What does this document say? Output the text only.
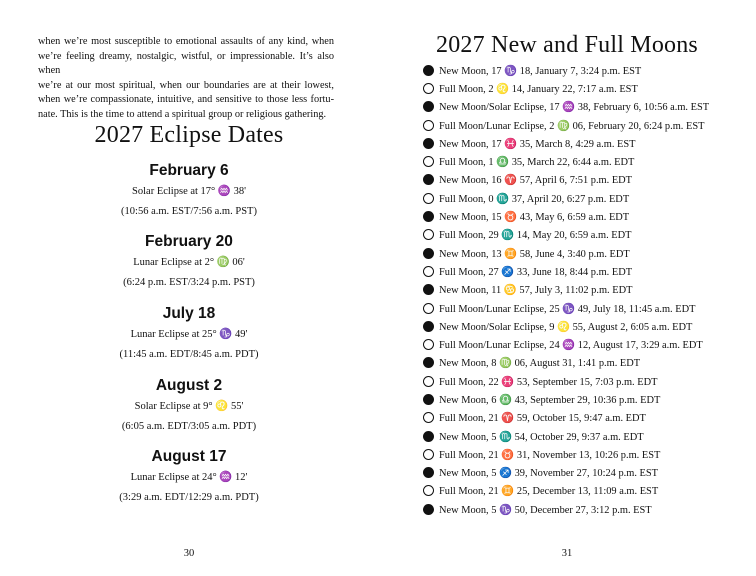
when we’re most susceptible to emotional assaults of any kind, when
we’re feeling dreamy, nostalgic, wistful, or impressionable. It’s also when
we’re at our most spiritual, when our boundaries are at their lowest,
when we’re compassionate, intuitive, and sensitive to those less fortu-
nate. This is the time to attend a spiritual group or religious gathering.
2027 Eclipse Dates
February 6
Solar Eclipse at 17° ♒ 38'
(10:56 a.m. EST/7:56 a.m. PST)
February 20
Lunar Eclipse at 2° ♍ 06'
(6:24 p.m. EST/3:24 p.m. PST)
July 18
Lunar Eclipse at 25° ♑ 49'
(11:45 a.m. EDT/8:45 a.m. PDT)
August 2
Solar Eclipse at 9° ♌ 55'
(6:05 a.m. EDT/3:05 a.m. PDT)
August 17
Lunar Eclipse at 24° ♒ 12'
(3:29 a.m. EDT/12:29 a.m. PDT)
30
2027 New and Full Moons
New Moon, 17 ♑ 18, January 7, 3:24 p.m. EST
Full Moon, 2 ♌ 14, January 22, 7:17 a.m. EST
New Moon/Solar Eclipse, 17 ♒ 38, February 6, 10:56 a.m. EST
Full Moon/Lunar Eclipse, 2 ♍ 06, February 20, 6:24 p.m. EST
New Moon, 17 ♓ 35, March 8, 4:29 a.m. EST
Full Moon, 1 ♎ 35, March 22, 6:44 a.m. EDT
New Moon, 16 ♈ 57, April 6, 7:51 p.m. EDT
Full Moon, 0 ♏ 37, April 20, 6:27 p.m. EDT
New Moon, 15 ♉ 43, May 6, 6:59 a.m. EDT
Full Moon, 29 ♏ 14, May 20, 6:59 a.m. EDT
New Moon, 13 ♊ 58, June 4, 3:40 p.m. EDT
Full Moon, 27 ♐ 33, June 18, 8:44 p.m. EDT
New Moon, 11 ♋ 57, July 3, 11:02 p.m. EDT
Full Moon/Lunar Eclipse, 25 ♑ 49, July 18, 11:45 a.m. EDT
New Moon/Solar Eclipse, 9 ♌ 55, August 2, 6:05 a.m. EDT
Full Moon/Lunar Eclipse, 24 ♒ 12, August 17, 3:29 a.m. EDT
New Moon, 8 ♍ 06, August 31, 1:41 p.m. EDT
Full Moon, 22 ♓ 53, September 15, 7:03 p.m. EDT
New Moon, 6 ♎ 43, September 29, 10:36 p.m. EDT
Full Moon, 21 ♈ 59, October 15, 9:47 a.m. EDT
New Moon, 5 ♏ 54, October 29, 9:37 a.m. EDT
Full Moon, 21 ♉ 31, November 13, 10:26 p.m. EST
New Moon, 5 ♐ 39, November 27, 10:24 p.m. EST
Full Moon, 21 ♊ 25, December 13, 11:09 a.m. EST
New Moon, 5 ♑ 50, December 27, 3:12 p.m. EST
31
